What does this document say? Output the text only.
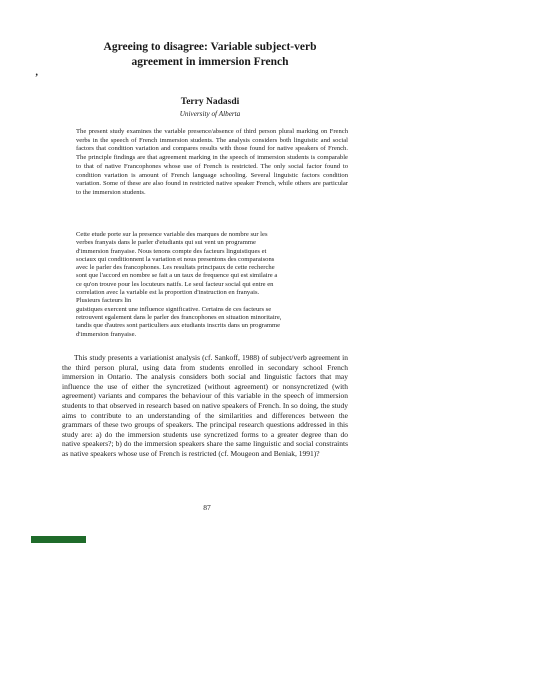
Agreeing to disagree: Variable subject-verb
agreement in immersion French
‚
Terry Nadasdi
University of Alberta

The present study examines the variable presence/absence of third person plural marking on French verbs in the speech of French immersion students. The analysis considers both linguistic and social factors that condition variation and compares results with those found for native speakers of French. The principle findings are that agreement marking in the speech of immersion students is comparable to that of native Francophones whose use of French is restricted. The only social factor found to condition variation is amount of French language schooling. Several linguistic factors condition variation. Some of these are also found in restricted native speaker French, while others are particular to the immersion students.

Cette etude porte sur la presence variable des marques de nombre sur les
verbes franyais dans le parler d'etudiants qui sui vent un programme
d'immersion franyaise. Nous tenons compte des facteurs linguistiques et
sociaux qui conditionnent la variation et nous presentons des comparaisons
avec le parler des francophones. Les resultats principaux de cette recherche
sont que l'accord en nombre se fait a un taux de frequence qui est similaire a
ce qu'on trouve pour les locuteurs natifs. Le seul facteur social qui entre en
correlation avec la variable est la proportion d'instruction en franyais.
Plusieurs facteurs lin
guistiques exercent une influence significative. Certains de ces facteurs se
retrouvent egalement dans le parler des francophones en situation minoritaire,
tandis que d'autres sont particuliers aux etudiants inscrits dans un programme
d'immersion franyaise.

This study presents a variationist analysis (cf. Sankoff, 1988) of subject/verb agreement in the third person plural, using data from students enrolled in secondary school French immersion in Ontario. The analysis considers both social and linguistic factors that may influence the use of either the syncretized (without agreement) or nonsyncretized (with agreement) variants and compares the behaviour of this variable in the speech of immersion students to that observed in research based on native speakers of French. In so doing, the study aims to contribute to an understanding of the similarities and differences between the grammars of these two groups of speakers. The principal research questions addressed in this study are: a) do the immersion students use syncretized forms to a greater degree than do native speakers?; b) do the immersion speakers share the same linguistic and social constraints as native speakers whose use of French is restricted (cf. Mougeon and Beniak, 1991)?

87
